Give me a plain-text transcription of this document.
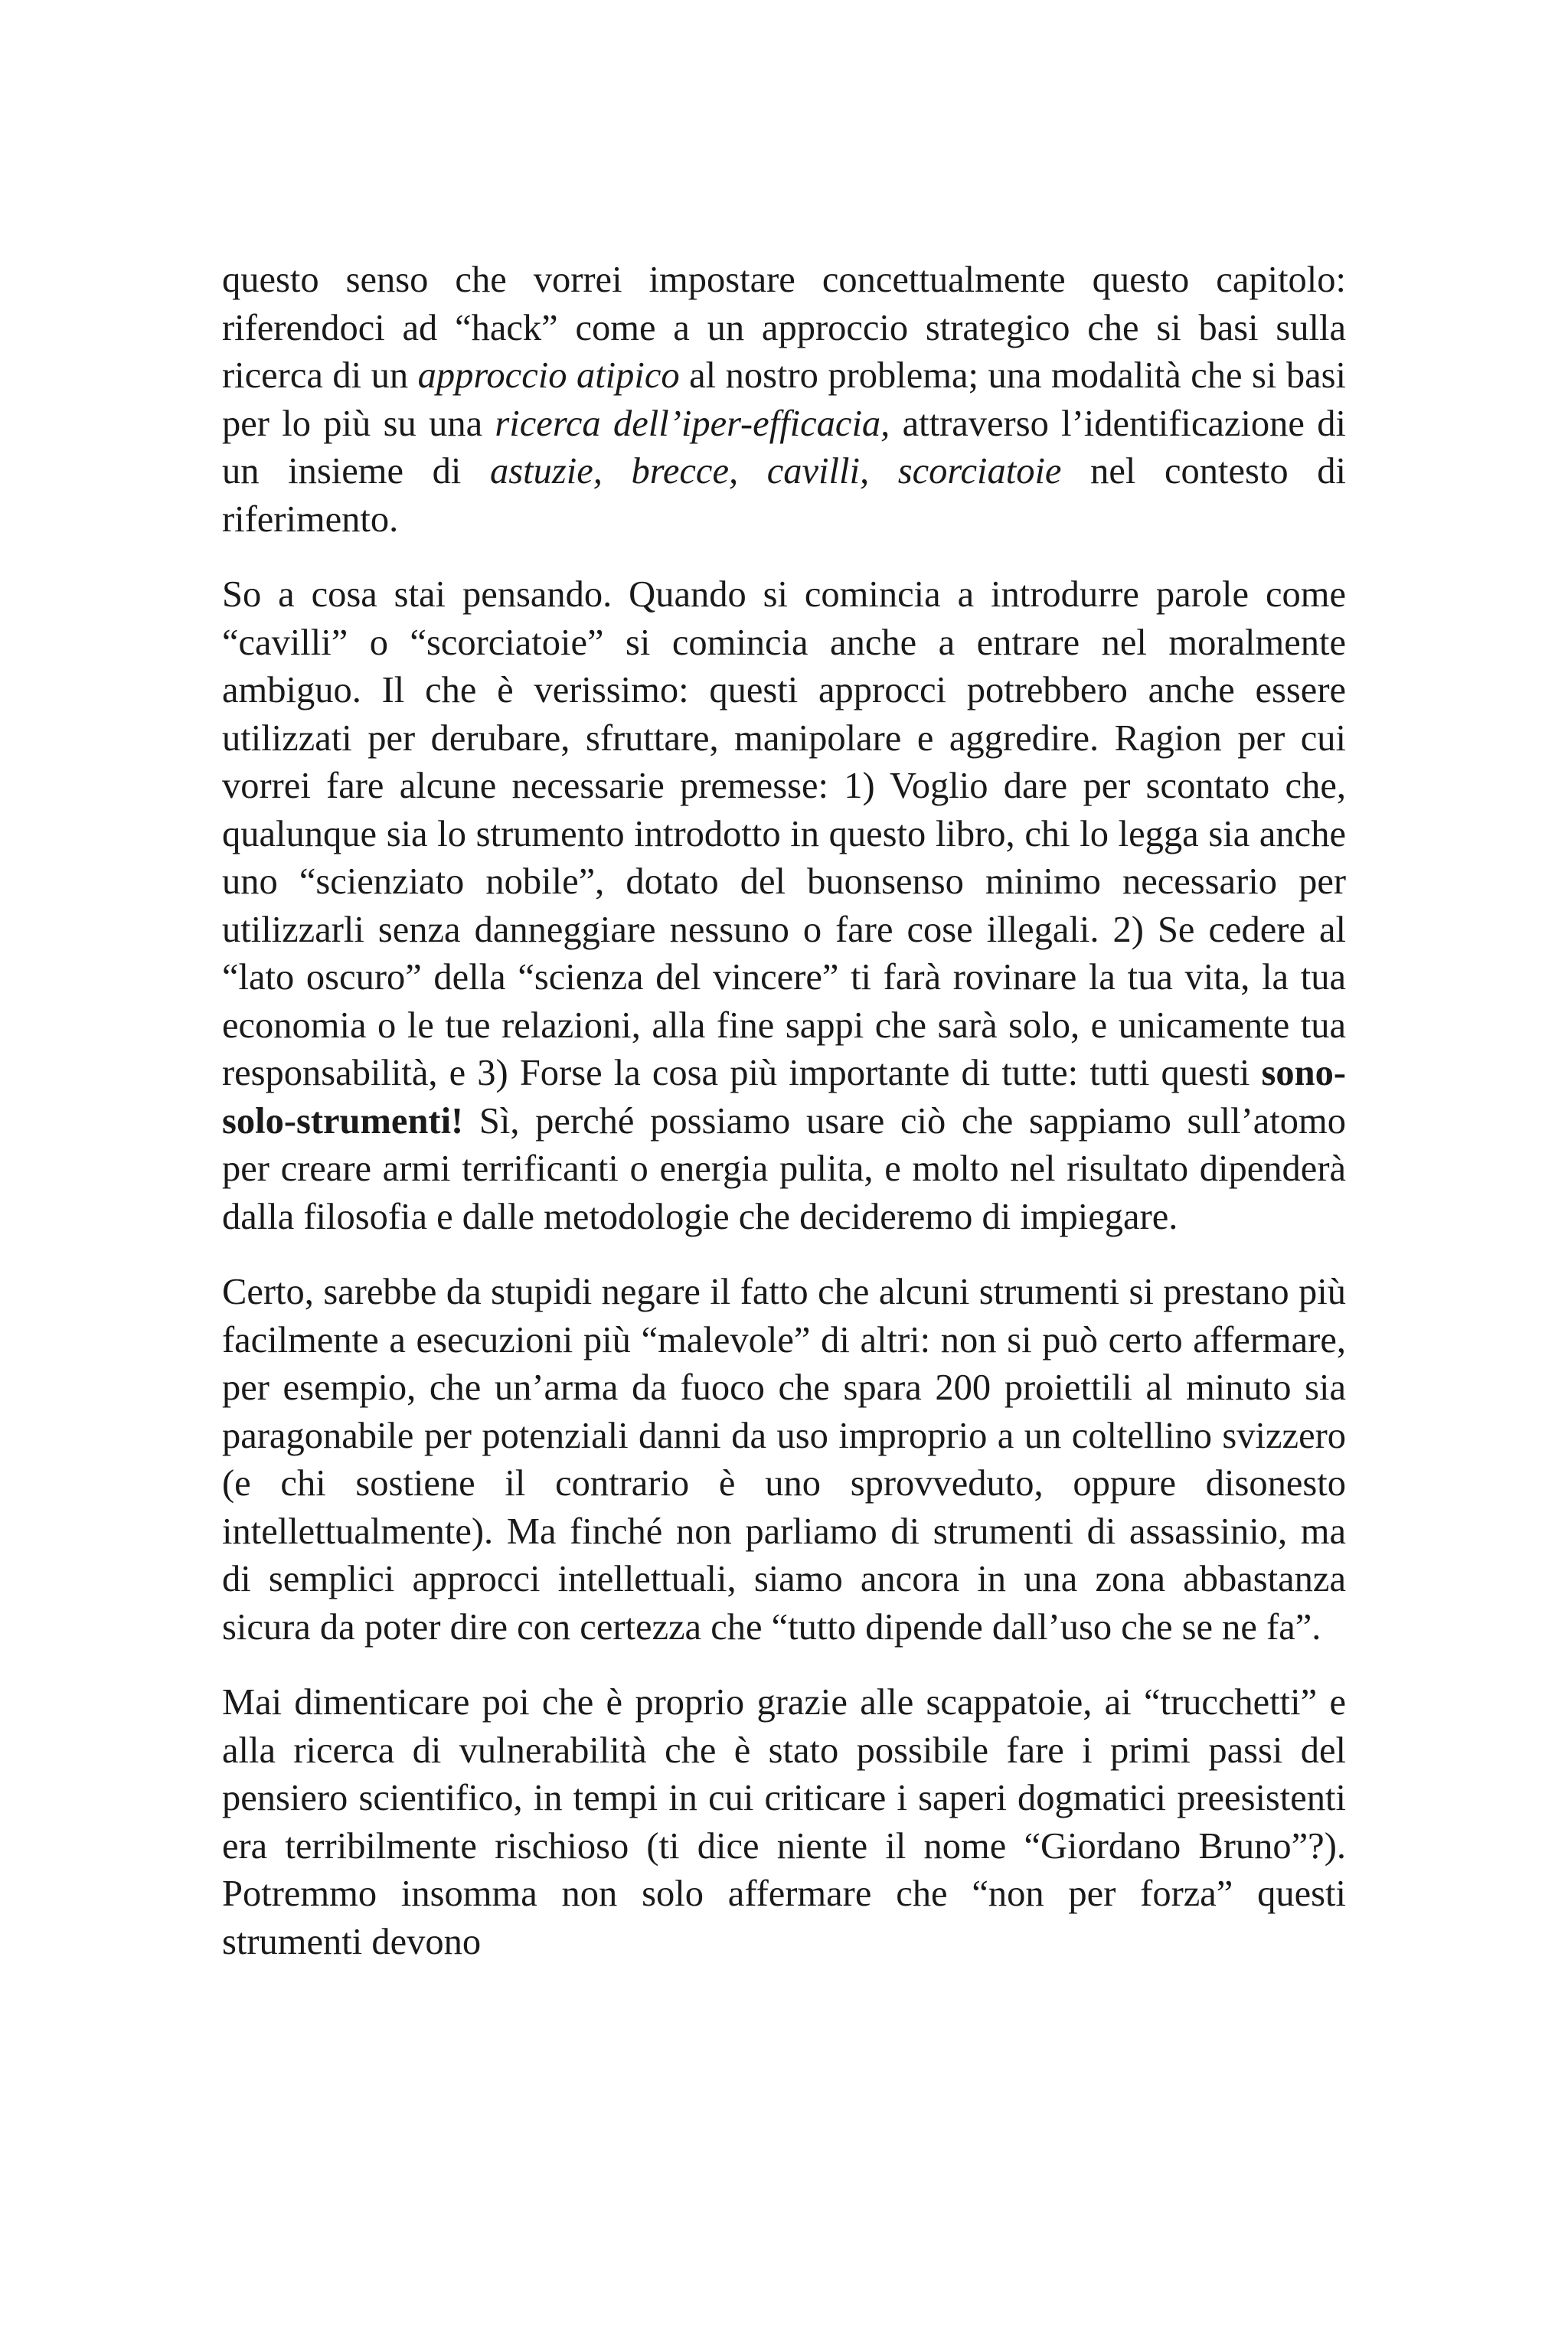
questo senso che vorrei impostare concettualmente questo capitolo: riferendoci ad “hack” come a un approccio strategico che si basi sulla ricerca di un approccio atipico al nostro problema; una modalità che si basi per lo più su una ricerca dell’iper-efficacia, attraverso l’identificazione di un insieme di astuzie, brecce, cavilli, scorciatoie nel contesto di riferimento.

So a cosa stai pensando. Quando si comincia a introdurre parole come “cavilli” o “scorciatoie” si comincia anche a entrare nel moralmente ambiguo. Il che è verissimo: questi approcci potrebbero anche essere utilizzati per derubare, sfruttare, manipolare e aggredire. Ragion per cui vorrei fare alcune necessarie premesse: 1) Voglio dare per scontato che, qualunque sia lo strumento introdotto in questo libro, chi lo legga sia anche uno “scienziato nobile”, dotato del buonsenso minimo necessario per utilizzarli senza danneggiare nessuno o fare cose illegali. 2) Se cedere al “lato oscuro” della “scienza del vincere” ti farà rovinare la tua vita, la tua economia o le tue relazioni, alla fine sappi che sarà solo, e unicamente tua responsabilità, e 3) Forse la cosa più importante di tutte: tutti questi sono-solo-strumenti! Sì, perché possiamo usare ciò che sappiamo sull’atomo per creare armi terrificanti o energia pulita, e molto nel risultato dipenderà dalla filosofia e dalle metodologie che decideremo di impiegare.

Certo, sarebbe da stupidi negare il fatto che alcuni strumenti si prestano più facilmente a esecuzioni più “malevole” di altri: non si può certo affermare, per esempio, che un’arma da fuoco che spara 200 proiettili al minuto sia paragonabile per potenziali danni da uso improprio a un coltellino svizzero (e chi sostiene il contrario è uno sprovveduto, oppure disonesto intellettualmente). Ma finché non parliamo di strumenti di assassinio, ma di semplici approcci intellettuali, siamo ancora in una zona abbastanza sicura da poter dire con certezza che “tutto dipende dall’uso che se ne fa”.

Mai dimenticare poi che è proprio grazie alle scappatoie, ai “trucchetti” e alla ricerca di vulnerabilità che è stato possibile fare i primi passi del pensiero scientifico, in tempi in cui criticare i saperi dogmatici preesistenti era terribilmente rischioso (ti dice niente il nome “Giordano Bruno”?). Potremmo insomma non solo affermare che “non per forza” questi strumenti devono
